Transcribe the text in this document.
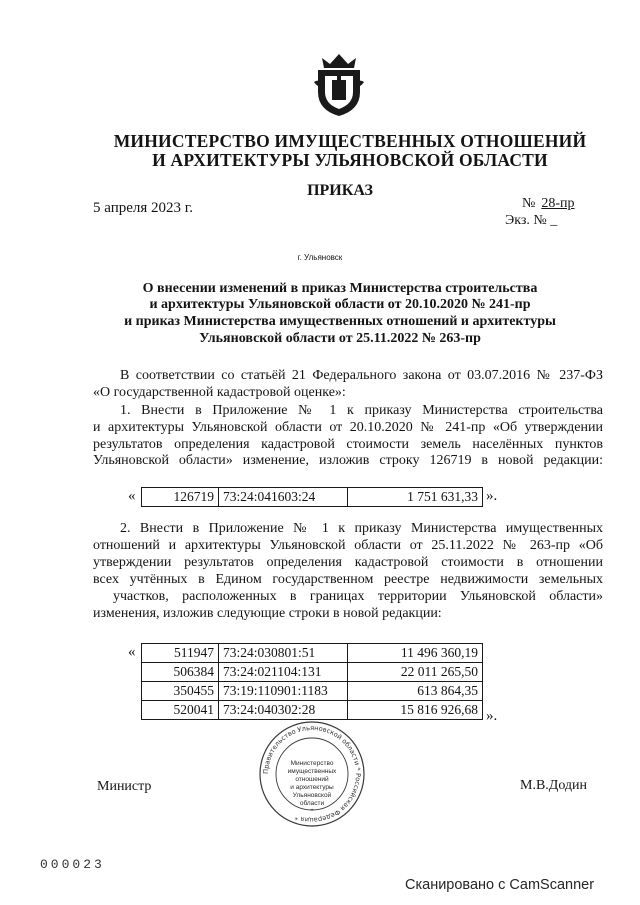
МИНИСТЕРСТВО ИМУЩЕСТВЕННЫХ ОТНОШЕНИЙ
И АРХИТЕКТУРЫ УЛЬЯНОВСКОЙ ОБЛАСТИ
ПРИКАЗ
5 апреля 2023 г.	№ 28-пр
Экз. № _
г. Ульяновск
О внесении изменений в приказ Министерства строительства
и архитектуры Ульяновской области от 20.10.2020 № 241-пр
и приказ Министерства имущественных отношений и архитектуры
Ульяновской области от 25.11.2022 № 263-пр
В соответствии со статьёй 21 Федерального закона от 03.07.2016 № 237-ФЗ
«О государственной кадастровой оценке»:
1. Внести в Приложение № 1 к приказу Министерства строительства
и архитектуры Ульяновской области от 20.10.2020 № 241-пр «Об утверждении
результатов определения кадастровой стоимости земель населённых пунктов
Ульяновской области» изменение, изложив строку 126719 в новой редакции:
«	126719	73:24:041603:24	1 751 631,33 ».
2. Внести в Приложение № 1 к приказу Министерства имущественных
отношений и архитектуры Ульяновской области от 25.11.2022 № 263-пр «Об
утверждении результатов определения кадастровой стоимости в отношении
всех учтённых в Едином государственном реестре недвижимости земельных
участков, расположенных в границах территории Ульяновской области»
изменения, изложив следующие строки в новой редакции:
«	511947	73:24:030801:51	11 496 360,19
506384	73:24:021104:131	22 011 265,50
350455	73:19:110901:1183	613 864,35
520041	73:24:040302:28	15 816 926,68 ».
Правительство Ульяновской области * Российская Федерация *
Министерство
имущественных
отношений
и архитектуры
Ульяновской
области
*
Министр	М.В.Додин
000023
Сканировано с CamScanner
